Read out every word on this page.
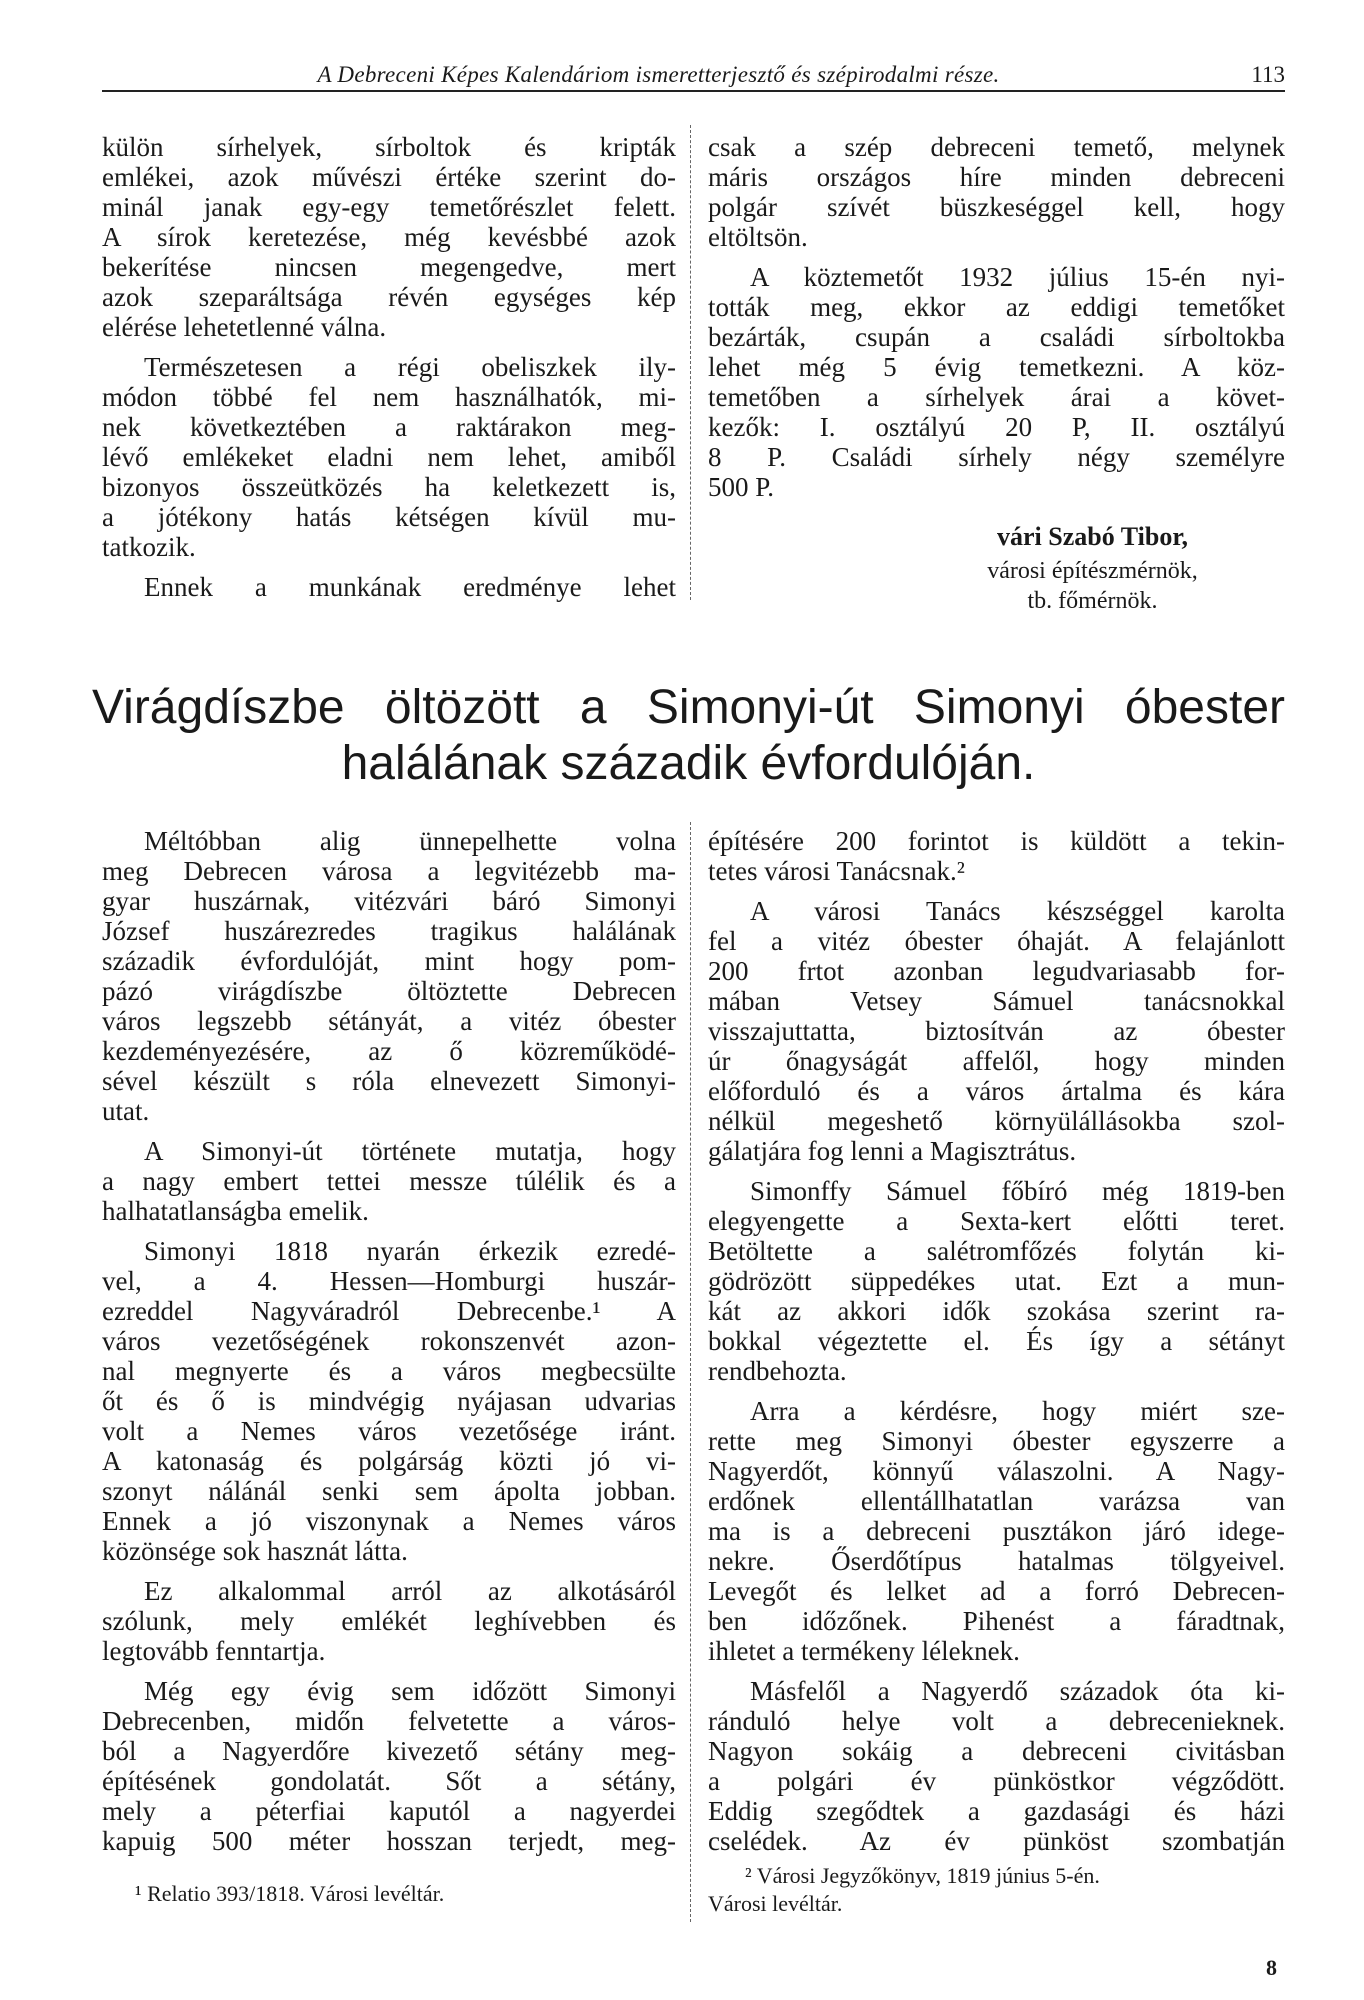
A Debreceni Képes Kalendáriom ismeretterjesztő és szépirodalmi része.	113
külön sírhelyek, sírboltok és kripták
emlékei, azok művészi értéke szerint do-
minál janak egy-egy temetőrészlet felett.
A sírok keretezése, még kevésbbé azok
bekerítése nincsen megengedve, mert
azok szeparáltsága révén egységes kép
elérése lehetetlenné válna.
Természetesen a régi obeliszkek ily-
módon többé fel nem használhatók, mi-
nek következtében a raktárakon meg-
lévő emlékeket eladni nem lehet, amiből
bizonyos összeütközés ha keletkezett is,
a jótékony hatás kétségen kívül mu-
tatkozik.
Ennek a munkának eredménye lehet
csak a szép debreceni temető, melynek
máris országos híre minden debreceni
polgár szívét büszkeséggel kell, hogy
eltöltsön.
A köztemetőt 1932 július 15-én nyi-
tották meg, ekkor az eddigi temetőket
bezárták, csupán a családi sírboltokba
lehet még 5 évig temetkezni. A köz-
temetőben a sírhelyek árai a követ-
kezők: I. osztályú 20 P, II. osztályú
8 P. Családi sírhely négy személyre
500 P.
vári Szabó Tibor,
városi építészmérnök,
tb. főmérnök.
Virágdíszbe öltözött a Simonyi-út Simonyi óbester
halálának századik évfordulóján.
Méltóbban alig ünnepelhette volna
meg Debrecen városa a legvitézebb ma-
gyar huszárnak, vitézvári báró Simonyi
József huszárezredes tragikus halálának
századik évfordulóját, mint hogy pom-
pázó virágdíszbe öltöztette Debrecen
város legszebb sétányát, a vitéz óbester
kezdeményezésére, az ő közreműködé-
sével készült s róla elnevezett Simonyi-
utat.
A Simonyi-út története mutatja, hogy
a nagy embert tettei messze túlélik és a
halhatatlanságba emelik.
Simonyi 1818 nyarán érkezik ezredé-
vel, a 4. Hessen—Homburgi huszár-
ezreddel Nagyváradról Debrecenbe.¹ A
város vezetőségének rokonszenvét azon-
nal megnyerte és a város megbecsülte
őt és ő is mindvégig nyájasan udvarias
volt a Nemes város vezetősége iránt.
A katonaság és polgárság közti jó vi-
szonyt nálánál senki sem ápolta jobban.
Ennek a jó viszonynak a Nemes város
közönsége sok hasznát látta.
Ez alkalommal arról az alkotásáról
szólunk, mely emlékét leghívebben és
legtovább fenntartja.
Még egy évig sem időzött Simonyi
Debrecenben, midőn felvetette a város-
ból a Nagyerdőre kivezető sétány meg-
építésének gondolatát. Sőt a sétány,
mely a péterfiai kaputól a nagyerdei
kapuig 500 méter hosszan terjedt, meg-
építésére 200 forintot is küldött a tekin-
tetes városi Tanácsnak.²
A városi Tanács készséggel karolta
fel a vitéz óbester óhaját. A felajánlott
200 frtot azonban legudvariasabb for-
mában Vetsey Sámuel tanácsnokkal
visszajuttatta, biztosítván az óbester
úr őnagyságát affelől, hogy minden
előforduló és a város ártalma és kára
nélkül megeshető környülállásokba szol-
gálatjára fog lenni a Magisztrátus.
Simonffy Sámuel főbíró még 1819-ben
elegyengette a Sexta-kert előtti teret.
Betöltette a salétromfőzés folytán ki-
gödrözött süppedékes utat. Ezt a mun-
kát az akkori idők szokása szerint ra-
bokkal végeztette el. És így a sétányt
rendbehozta.
Arra a kérdésre, hogy miért sze-
rette meg Simonyi óbester egyszerre a
Nagyerdőt, könnyű válaszolni. A Nagy-
erdőnek ellentállhatatlan varázsa van
ma is a debreceni pusztákon járó idege-
nekre. Őserdőtípus hatalmas tölgyeivel.
Levegőt és lelket ad a forró Debrecen-
ben időzőnek. Pihenést a fáradtnak,
ihletet a termékeny léleknek.
Másfelől a Nagyerdő századok óta ki-
ránduló helye volt a debrecenieknek.
Nagyon sokáig a debreceni civitásban
a polgári év pünköstkor végződött.
Eddig szegődtek a gazdasági és házi
cselédek. Az év pünköst szombatján
¹ Relatio 393/1818. Városi levéltár.
² Városi Jegyzőkönyv, 1819 június 5-én.
Városi levéltár.
8
